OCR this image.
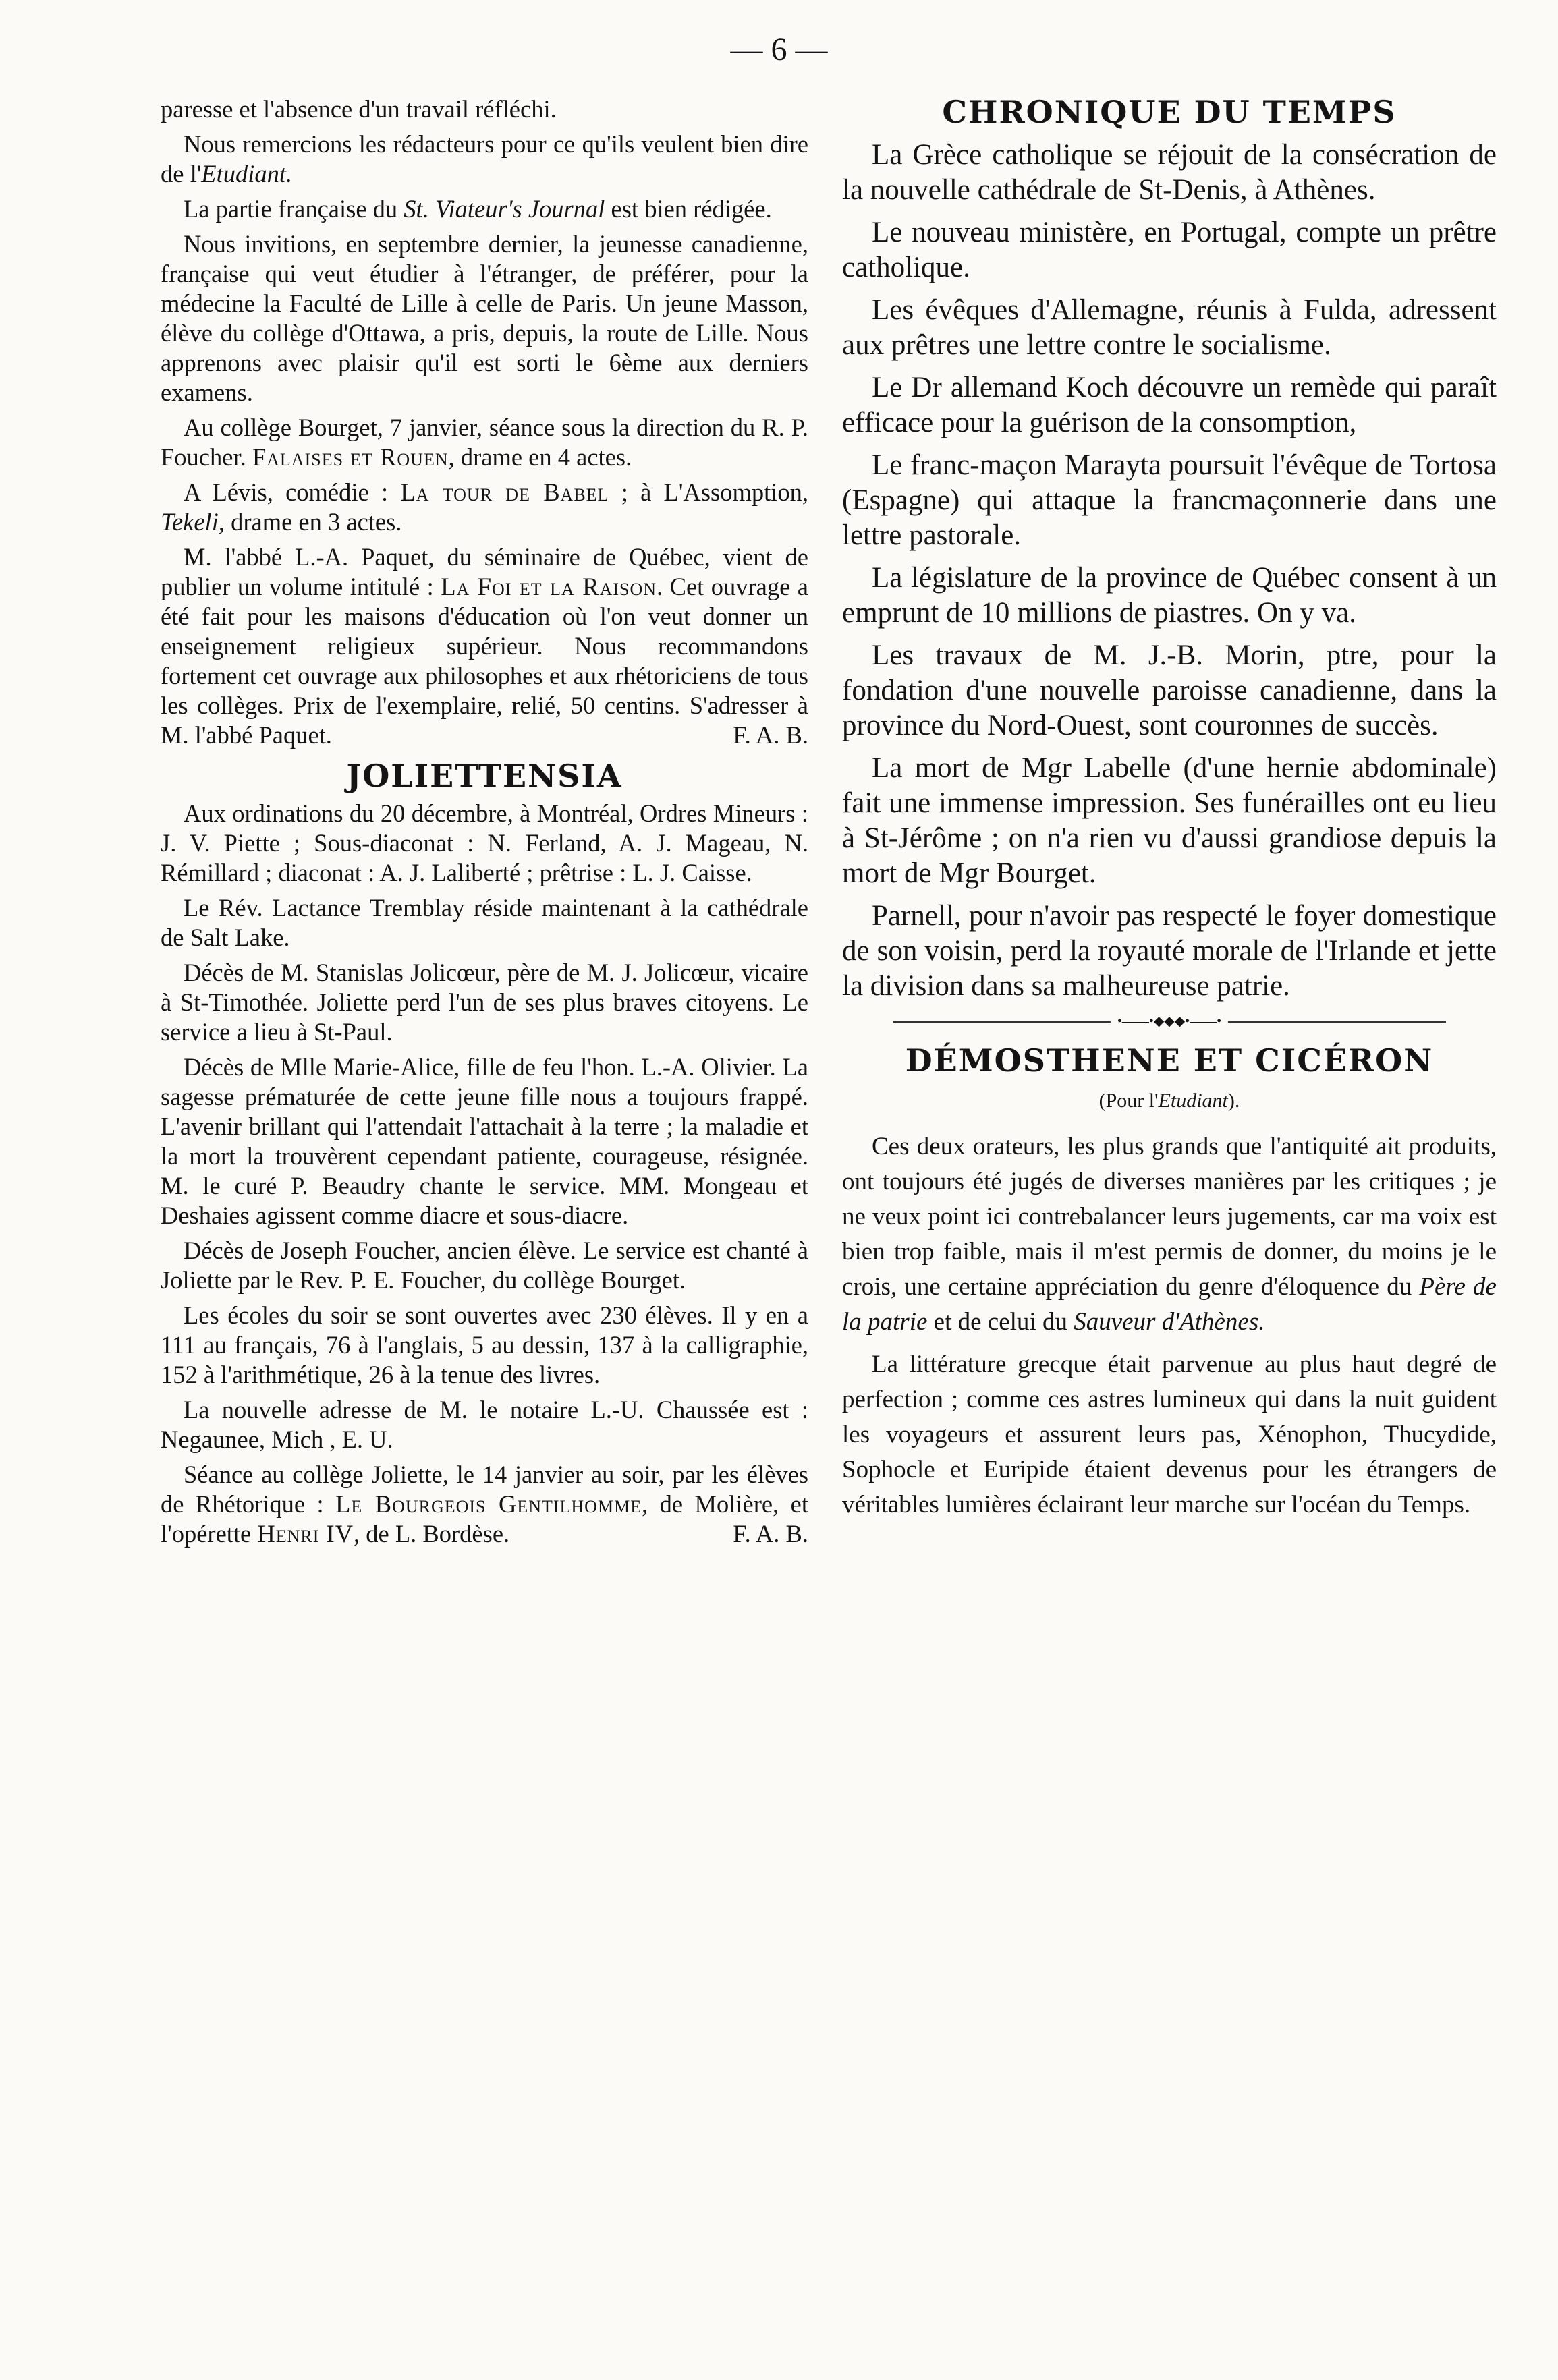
— 6 —

paresse et l'absence d'un travail réfléchi.

Nous remercions les rédacteurs pour ce qu'ils veulent bien dire de l'Etudiant.

La partie française du St. Viateur's Journal est bien rédigée.

Nous invitions, en septembre dernier, la jeunesse canadienne, française qui veut étudier à l'étranger, de préférer, pour la médecine la Faculté de Lille à celle de Paris. Un jeune Masson, élève du collège d'Ottawa, a pris, depuis, la route de Lille. Nous apprenons avec plaisir qu'il est sorti le 6ème aux derniers examens.

Au collège Bourget, 7 janvier, séance sous la direction du R. P. Foucher. Falaises et Rouen, drame en 4 actes.

A Lévis, comédie : La tour de Babel ; à L'Assomption, Tekeli, drame en 3 actes.

M. l'abbé L.-A. Paquet, du séminaire de Québec, vient de publier un volume intitulé : La Foi et la Raison. Cet ouvrage a été fait pour les maisons d'éducation où l'on veut donner un enseignement religieux supérieur. Nous recommandons fortement cet ouvrage aux philosophes et aux rhétoriciens de tous les collèges. Prix de l'exemplaire, relié, 50 centins. S'adresser à M. l'abbé Paquet.	F. A. B.

JOLIETTENSIA

Aux ordinations du 20 décembre, à Montréal, Ordres Mineurs : J. V. Piette ; Sous-diaconat : N. Ferland, A. J. Mageau, N. Rémillard ; diaconat : A. J. Laliberté ; prêtrise : L. J. Caisse.

Le Rév. Lactance Tremblay réside maintenant à la cathédrale de Salt Lake.

Décès de M. Stanislas Jolicœur, père de M. J. Jolicœur, vicaire à St-Timothée. Joliette perd l'un de ses plus braves citoyens. Le service a lieu à St-Paul.

Décès de Mlle Marie-Alice, fille de feu l'hon. L.-A. Olivier. La sagesse prématurée de cette jeune fille nous a toujours frappé. L'avenir brillant qui l'attendait l'attachait à la terre ; la maladie et la mort la trouvèrent cependant patiente, courageuse, résignée. M. le curé P. Beaudry chante le service. MM. Mongeau et Deshaies agissent comme diacre et sous-diacre.

Décès de Joseph Foucher, ancien élève. Le service est chanté à Joliette par le Rev. P. E. Foucher, du collège Bourget.

Les écoles du soir se sont ouvertes avec 230 élèves. Il y en a 111 au français, 76 à l'anglais, 5 au dessin, 137 à la calligraphie, 152 à l'arithmétique, 26 à la tenue des livres.

La nouvelle adresse de M. le notaire L.-U. Chaussée est : Negaunee, Mich , E. U.

Séance au collège Joliette, le 14 janvier au soir, par les élèves de Rhétorique : Le Bourgeois Gentilhomme, de Molière, et l'opérette Henri IV, de L. Bordèse.	F. A. B.

CHRONIQUE DU TEMPS

La Grèce catholique se réjouit de la consécration de la nouvelle cathédrale de St-Denis, à Athènes.

Le nouveau ministère, en Portugal, compte un prêtre catholique.

Les évêques d'Allemagne, réunis à Fulda, adressent aux prêtres une lettre contre le socialisme.

Le Dr allemand Koch découvre un remède qui paraît efficace pour la guérison de la consomption,

Le franc-maçon Marayta poursuit l'évêque de Tortosa (Espagne) qui attaque la francmaçonnerie dans une lettre pastorale.

La législature de la province de Québec consent à un emprunt de 10 millions de piastres. On y va.

Les travaux de M. J.-B. Morin, ptre, pour la fondation d'une nouvelle paroisse canadienne, dans la province du Nord-Ouest, sont couronnes de succès.

La mort de Mgr Labelle (d'une hernie abdominale) fait une immense impression. Ses funérailles ont eu lieu à St-Jérôme ; on n'a rien vu d'aussi grandiose depuis la mort de Mgr Bourget.

Parnell, pour n'avoir pas respecté le foyer domestique de son voisin, perd la royauté morale de l'Irlande et jette la division dans sa malheureuse patrie.

•——•◆◆◆•——•
DÉMOSTHENE ET CICÉRON
(Pour l'Etudiant).

Ces deux orateurs, les plus grands que l'antiquité ait produits, ont toujours été jugés de diverses manières par les critiques ; je ne veux point ici contrebalancer leurs jugements, car ma voix est bien trop faible, mais il m'est permis de donner, du moins je le crois, une certaine appréciation du genre d'éloquence du Père de la patrie et de celui du Sauveur d'Athènes.

La littérature grecque était parvenue au plus haut degré de perfection ; comme ces astres lumineux qui dans la nuit guident les voyageurs et assurent leurs pas, Xénophon, Thucydide, Sophocle et Euripide étaient devenus pour les étrangers de véritables lumières éclairant leur marche sur l'océan du Temps.
